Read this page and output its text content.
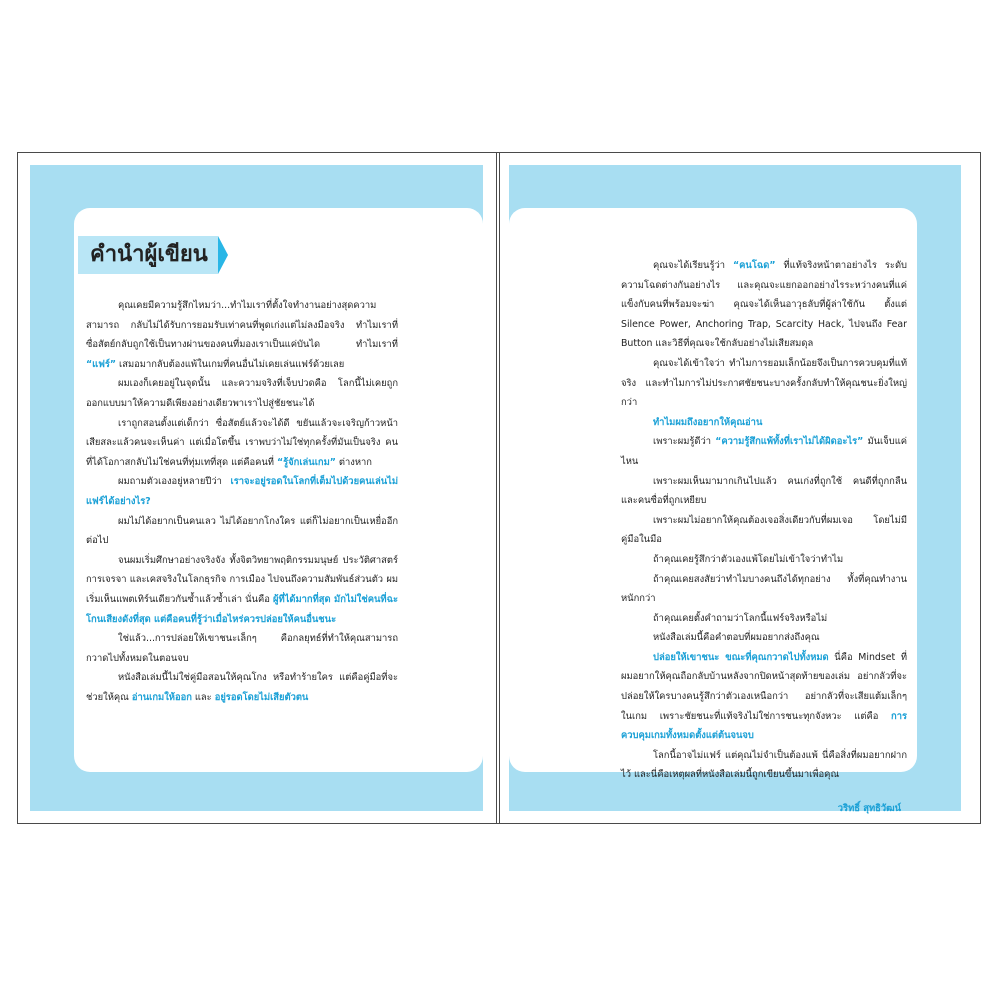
คำนำผู้เขียน

คุณเคยมีความรู้สึกไหมว่า...ทำไมเราที่ตั้งใจทำงานอย่างสุดความสามารถ กลับไม่ได้รับการยอมรับเท่าคนที่พูดเก่งแต่ไม่ลงมือจริง ทำไมเราที่ซื่อสัตย์กลับถูกใช้เป็นทางผ่านของคนที่มองเราเป็นแค่บันได ทำไมเราที่ “แฟร์” เสมอมากลับต้องแพ้ในเกมที่คนอื่นไม่เคยเล่นแฟร์ด้วยเลย

ผมเองก็เคยอยู่ในจุดนั้น และความจริงที่เจ็บปวดคือ โลกนี้ไม่เคยถูกออกแบบมาให้ความดีเพียงอย่างเดียวพาเราไปสู่ชัยชนะได้

เราถูกสอนตั้งแต่เด็กว่า ซื่อสัตย์แล้วจะได้ดี ขยันแล้วจะเจริญก้าวหน้า เสียสละแล้วคนจะเห็นค่า แต่เมื่อโตขึ้น เราพบว่าไม่ใช่ทุกครั้งที่มันเป็นจริง คนที่ได้โอกาสกลับไม่ใช่คนที่ทุ่มเทที่สุด แต่คือคนที่ “รู้จักเล่นเกม” ต่างหาก

ผมถามตัวเองอยู่หลายปีว่า เราจะอยู่รอดในโลกที่เต็มไปด้วยคนเล่นไม่แฟร์ได้อย่างไร?

ผมไม่ได้อยากเป็นคนเลว ไม่ได้อยากโกงใคร แต่ก็ไม่อยากเป็นเหยื่ออีกต่อไป

จนผมเริ่มศึกษาอย่างจริงจัง ทั้งจิตวิทยาพฤติกรรมมนุษย์ ประวัติศาสตร์การเจรจา และเคสจริงในโลกธุรกิจ การเมือง ไปจนถึงความสัมพันธ์ส่วนตัว ผมเริ่มเห็นแพตเทิร์นเดียวกันซ้ำแล้วซ้ำเล่า นั่นคือ ผู้ที่ได้มากที่สุด มักไม่ใช่คนที่ฉะโกนเสียงดังที่สุด แต่คือคนที่รู้ว่าเมื่อไหร่ควรปล่อยให้คนอื่นชนะ

ใช่แล้ว...การปล่อยให้เขาชนะเล็กๆ คือกลยุทธ์ที่ทำให้คุณสามารถกวาดไปทั้งหมดในตอนจบ

หนังสือเล่มนี้ไม่ใช่คู่มือสอนให้คุณโกง หรือทำร้ายใคร แต่คือคู่มือที่จะช่วยให้คุณ อ่านเกมให้ออก และ อยู่รอดโดยไม่เสียตัวตน

คุณจะได้เรียนรู้ว่า “คนโฉด” ที่แท้จริงหน้าตาอย่างไร ระดับความโฉดต่างกันอย่างไร และคุณจะแยกออกอย่างไรระหว่างคนที่แค่แข็งกับคนที่พร้อมจะฆ่า คุณจะได้เห็นอาวุธลับที่ผู้ล่าใช้กัน ตั้งแต่ Silence Power, Anchoring Trap, Scarcity Hack, ไปจนถึง Fear Button และวิธีที่คุณจะใช้กลับอย่างไม่เสียสมดุล

คุณจะได้เข้าใจว่า ทำไมการยอมเล็กน้อยจึงเป็นการควบคุมที่แท้จริง และทำไมการไม่ประกาศชัยชนะบางครั้งกลับทำให้คุณชนะยิ่งใหญ่กว่า

ทำไมผมถึงอยากให้คุณอ่าน

เพราะผมรู้ดีว่า “ความรู้สึกแพ้ทั้งที่เราไม่ได้ผิดอะไร” มันเจ็บแค่ไหน

เพราะผมเห็นมามากเกินไปแล้ว คนเก่งที่ถูกใช้ คนดีที่ถูกกลืน และคนซื่อที่ถูกเหยียบ

เพราะผมไม่อยากให้คุณต้องเจอสิ่งเดียวกับที่ผมเจอ โดยไม่มีคู่มือในมือ

ถ้าคุณเคยรู้สึกว่าตัวเองแพ้โดยไม่เข้าใจว่าทำไม

ถ้าคุณเคยสงสัยว่าทำไมบางคนถึงได้ทุกอย่าง ทั้งที่คุณทำงานหนักกว่า

ถ้าคุณเคยตั้งคำถามว่าโลกนี้แฟร์จริงหรือไม่

หนังสือเล่มนี้คือคำตอบที่ผมอยากส่งถึงคุณ

ปล่อยให้เขาชนะ ขณะที่คุณกวาดไปทั้งหมด นี่คือ Mindset ที่ผมอยากให้คุณถือกลับบ้านหลังจากปิดหน้าสุดท้ายของเล่ม อย่ากลัวที่จะปล่อยให้ใครบางคนรู้สึกว่าตัวเองเหนือกว่า อย่ากลัวที่จะเสียแต้มเล็กๆ ในเกม เพราะชัยชนะที่แท้จริงไม่ใช่การชนะทุกจังหวะ แต่คือ การควบคุมเกมทั้งหมดตั้งแต่ต้นจนจบ

โลกนี้อาจไม่แฟร์ แต่คุณไม่จำเป็นต้องแพ้ นี่คือสิ่งที่ผมอยากฝากไว้ และนี่คือเหตุผลที่หนังสือเล่มนี้ถูกเขียนขึ้นมาเพื่อคุณ

วริทธิ์ สุทธิวัฒน์
